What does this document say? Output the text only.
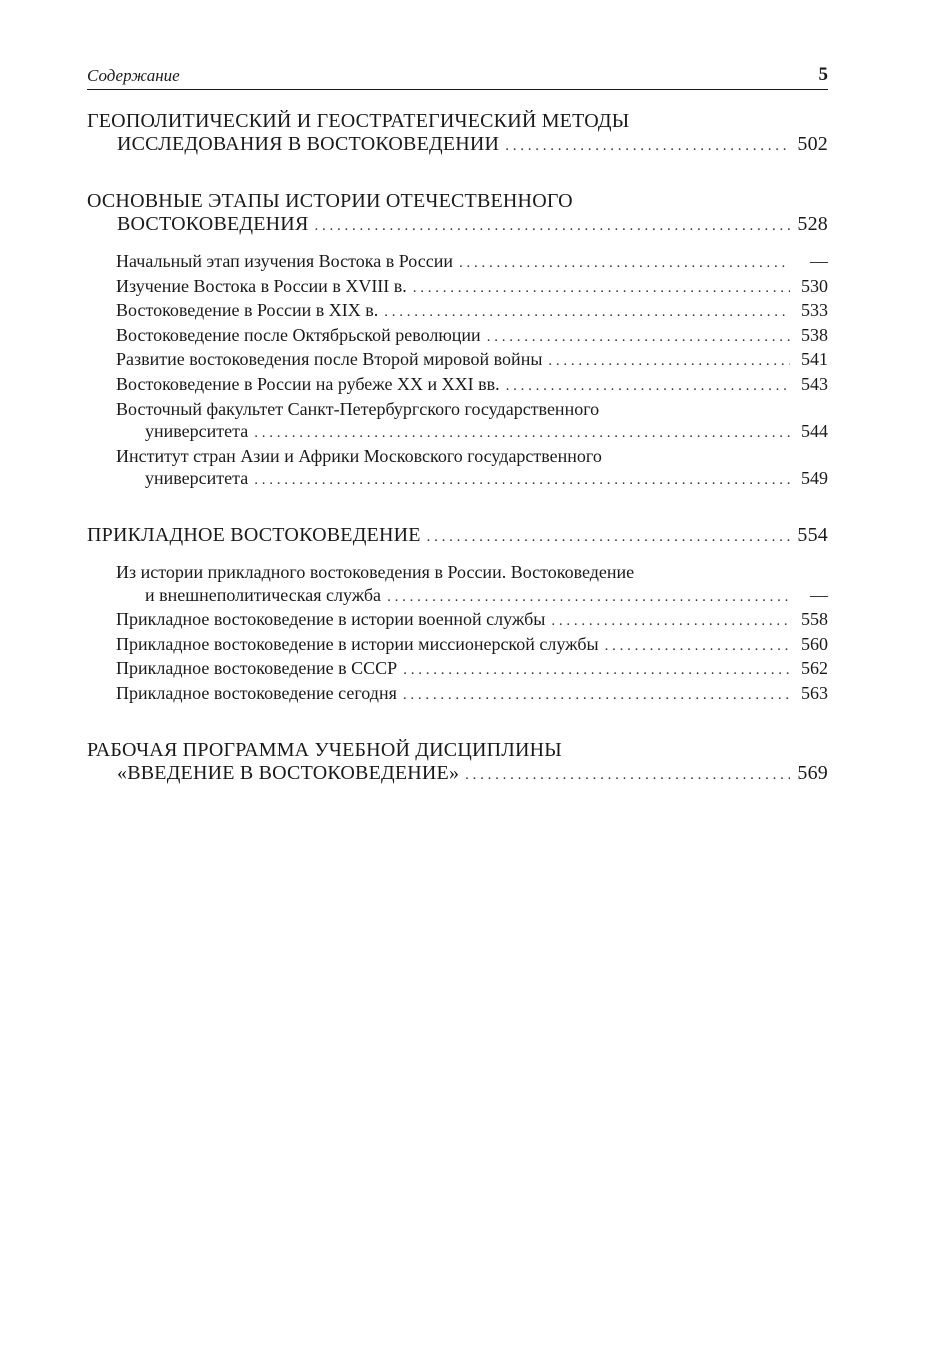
Содержание	5
ГЕОПОЛИТИЧЕСКИЙ И ГЕОСТРАТЕГИЧЕСКИЙ МЕТОДЫ
ИССЛЕДОВАНИЯ В ВОСТОКОВЕДЕНИИ . . .	502
ОСНОВНЫЕ ЭТАПЫ ИСТОРИИ ОТЕЧЕСТВЕННОГО
ВОСТОКОВЕДЕНИЯ . . .	528
Начальный этап изучения Востока в России . . .	—
Изучение Востока в России в XVIII в. . . .	530
Востоковедение в России в XIX в. . . .	533
Востоковедение после Октябрьской революции . . .	538
Развитие востоковедения после Второй мировой войны . . .	541
Востоковедение в России на рубеже XX и XXI вв. . . .	543
Восточный факультет Санкт-Петербургского государственного
университета . . .	544
Институт стран Азии и Африки Московского государственного
университета . . .	549
ПРИКЛАДНОЕ ВОСТОКОВЕДЕНИЕ . . .	554
Из истории прикладного востоковедения в России. Востоковедение
и внешнеполитическая служба . . .	—
Прикладное востоковедение в истории военной службы . . .	558
Прикладное востоковедение в истории миссионерской службы . . .	560
Прикладное востоковедение в СССР . . .	562
Прикладное востоковедение сегодня . . .	563
РАБОЧАЯ ПРОГРАММА УЧЕБНОЙ ДИСЦИПЛИНЫ
«ВВЕДЕНИЕ В ВОСТОКОВЕДЕНИЕ» . . .	569
